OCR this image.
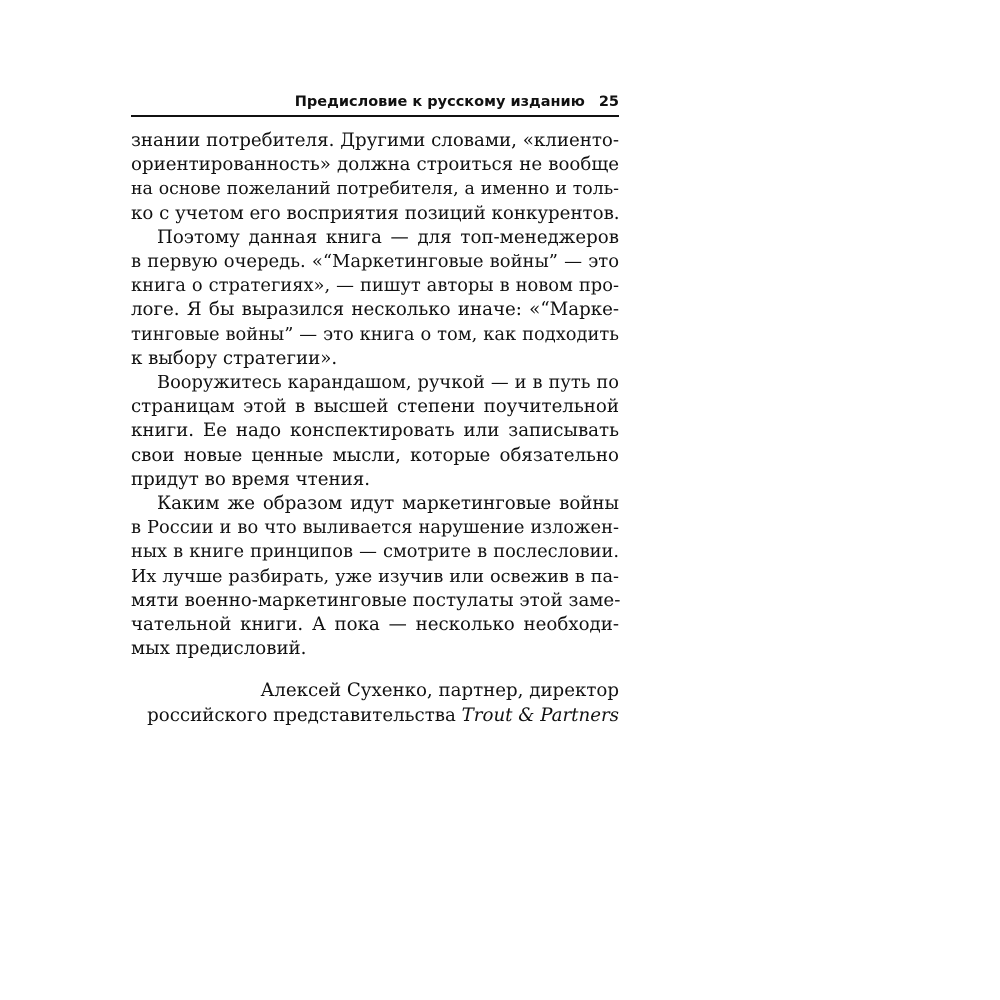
Предисловие к русскому изданию 25

знании потребителя. Другими словами, «клиенто-
ориентированность» должна строиться не вообще
на основе пожеланий потребителя, а именно и толь-
ко с учетом его восприятия позиций конкурентов.

Поэтому данная книга — для топ-менеджеров
в первую очередь. «“Маркетинговые войны” — это
книга о стратегиях», — пишут авторы в новом про-
логе. Я бы выразился несколько иначе: «“Марке-
тинговые войны” — это книга о том, как подходить
к выбору стратегии».

Вооружитесь карандашом, ручкой — и в путь по
страницам этой в высшей степени поучительной
книги. Ее надо конспектировать или записывать
свои новые ценные мысли, которые обязательно
придут во время чтения.

Каким же образом идут маркетинговые войны
в России и во что выливается нарушение изложен-
ных в книге принципов — смотрите в послесловии.
Их лучше разбирать, уже изучив или освежив в па-
мяти военно-маркетинговые постулаты этой заме-
чательной книги. А пока — несколько необходи-
мых предисловий.

Алексей Сухенко, партнер, директор
российского представительства Trout & Partners
